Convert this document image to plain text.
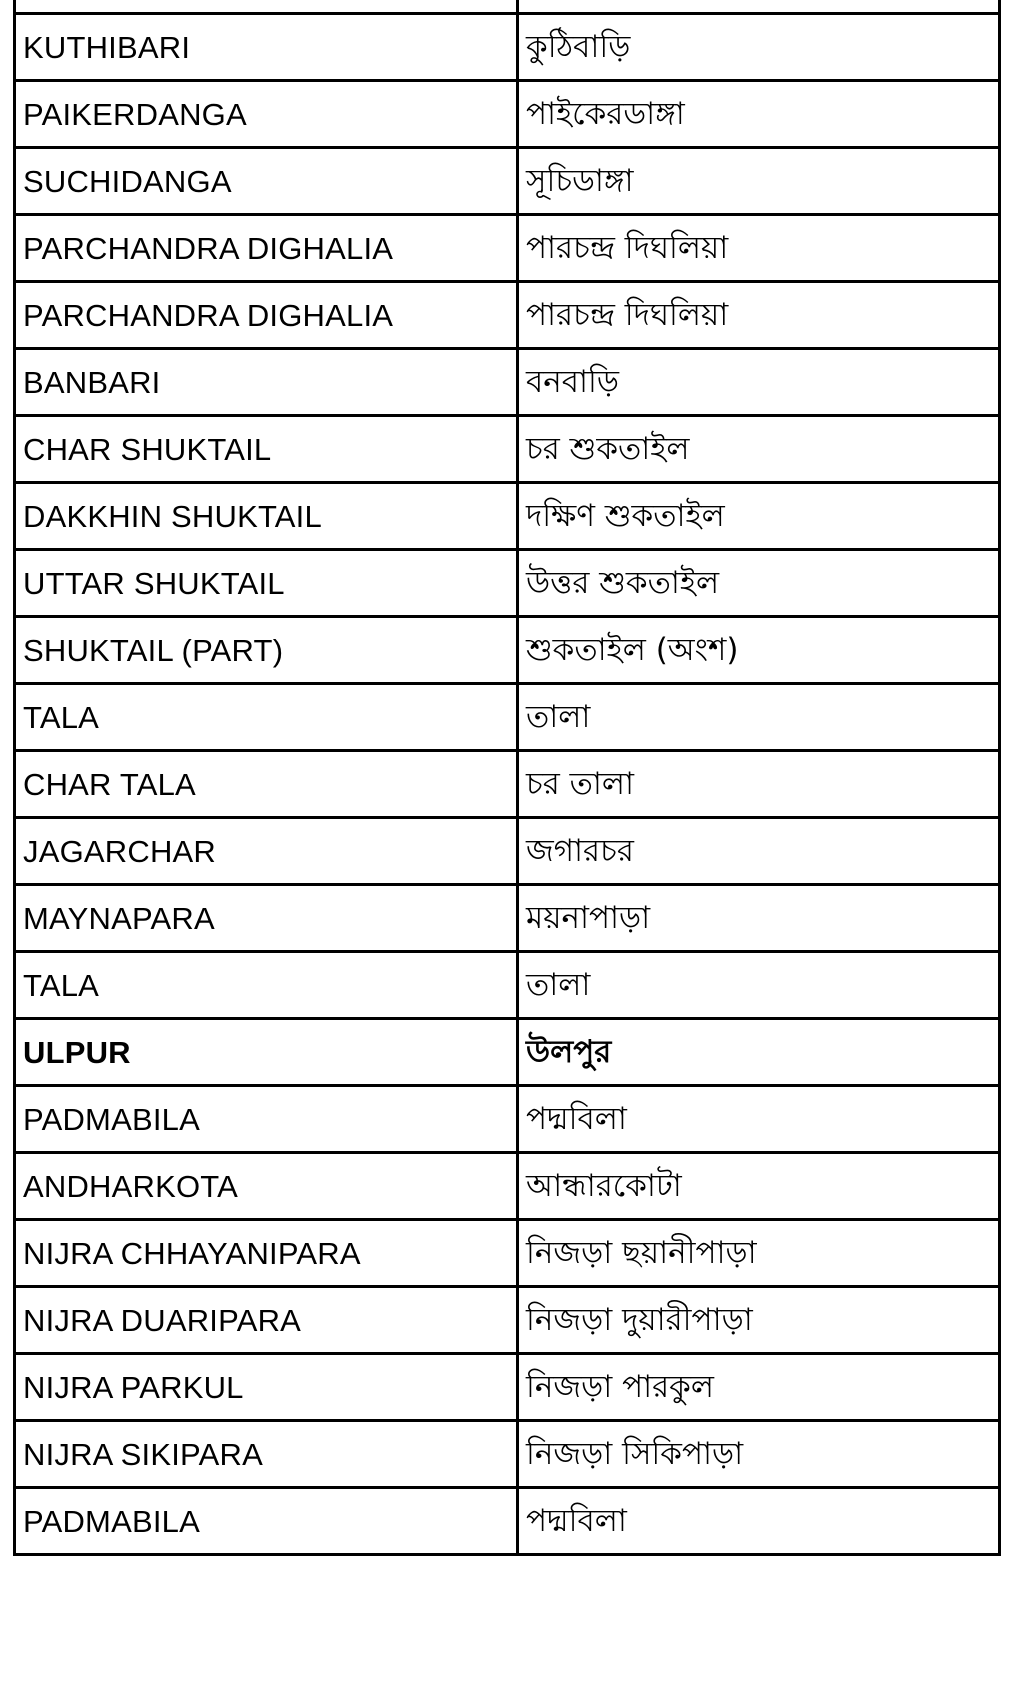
KUTHIBARI	কুঠিবাড়ি
PAIKERDANGA	পাইকেরডাঙ্গা
SUCHIDANGA	সূচিডাঙ্গা
PARCHANDRA DIGHALIA	পারচন্দ্র দিঘলিয়া
PARCHANDRA DIGHALIA	পারচন্দ্র দিঘলিয়া
BANBARI	বনবাড়ি
CHAR SHUKTAIL	চর শুকতাইল
DAKKHIN SHUKTAIL	দক্ষিণ শুকতাইল
UTTAR SHUKTAIL	উত্তর শুকতাইল
SHUKTAIL (PART)	শুকতাইল (অংশ)
TALA	তালা
CHAR TALA	চর তালা
JAGARCHAR	জগারচর
MAYNAPARA	ময়নাপাড়া
TALA	তালা
ULPUR	উলপুর
PADMABILA	পদ্মবিলা
ANDHARKOTA	আন্ধারকোটা
NIJRA CHHAYANIPARA	নিজড়া ছয়ানীপাড়া
NIJRA DUARIPARA	নিজড়া দুয়ারীপাড়া
NIJRA PARKUL	নিজড়া পারকুল
NIJRA SIKIPARA	নিজড়া সিকিপাড়া
PADMABILA	পদ্মবিলা
